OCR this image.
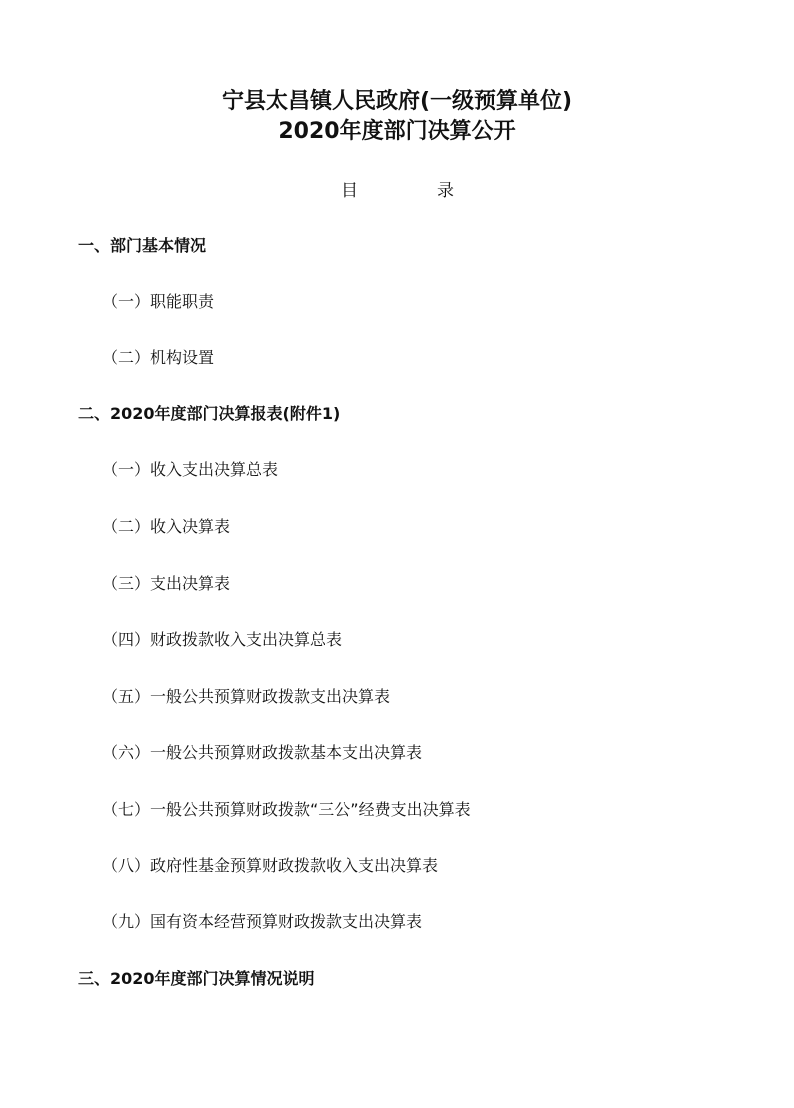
宁县太昌镇人民政府(一级预算单位)
2020年度部门决算公开
目	录
一、部门基本情况
（一）职能职责
（二）机构设置
二、2020年度部门决算报表(附件1)
（一）收入支出决算总表
（二）收入决算表
（三）支出决算表
（四）财政拨款收入支出决算总表
（五）一般公共预算财政拨款支出决算表
（六）一般公共预算财政拨款基本支出决算表
（七）一般公共预算财政拨款“三公”经费支出决算表
（八）政府性基金预算财政拨款收入支出决算表
（九）国有资本经营预算财政拨款支出决算表
三、2020年度部门决算情况说明
